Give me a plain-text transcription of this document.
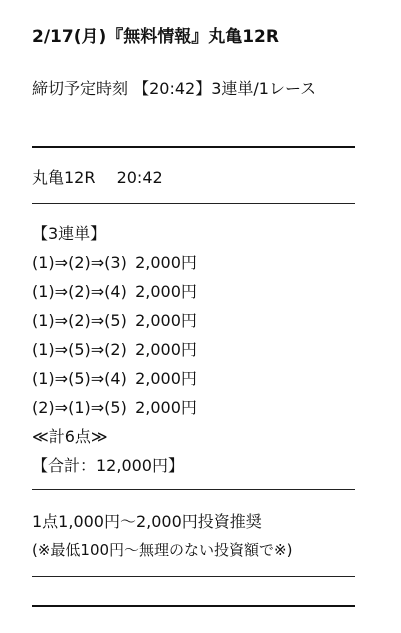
2/17(月)『無料情報』丸亀12R
締切予定時刻 【20:42】3連単/1レース
丸亀12R　 20:42
【3連単】
(1)⇒(2)⇒(3) 2,000円
(1)⇒(2)⇒(4) 2,000円
(1)⇒(2)⇒(5) 2,000円
(1)⇒(5)⇒(2) 2,000円
(1)⇒(5)⇒(4) 2,000円
(2)⇒(1)⇒(5) 2,000円
≪計6点≫
【合計：12,000円】
1点1,000円〜2,000円投資推奨
(※最低100円〜無理のない投資額で※)
